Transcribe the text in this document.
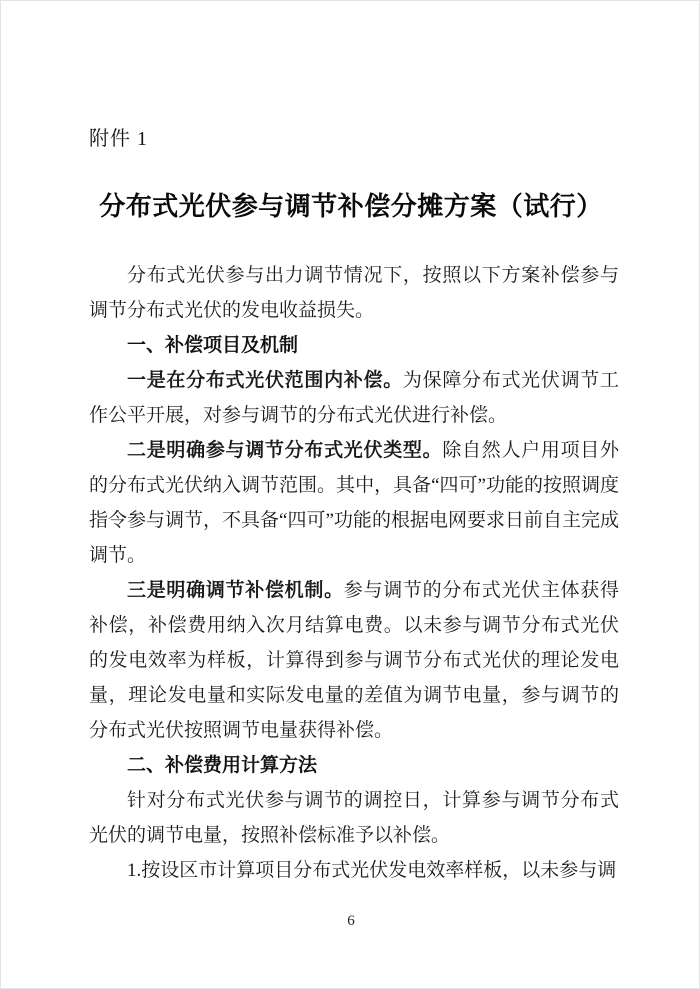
附件 1
分布式光伏参与调节补偿分摊方案（试行）

分布式光伏参与出力调节情况下，按照以下方案补偿参与调节分布式光伏的发电收益损失。

一、补偿项目及机制

一是在分布式光伏范围内补偿。为保障分布式光伏调节工作公平开展，对参与调节的分布式光伏进行补偿。

二是明确参与调节分布式光伏类型。除自然人户用项目外的分布式光伏纳入调节范围。其中，具备“四可”功能的按照调度指令参与调节，不具备“四可”功能的根据电网要求日前自主完成调节。

三是明确调节补偿机制。参与调节的分布式光伏主体获得补偿，补偿费用纳入次月结算电费。以未参与调节分布式光伏的发电效率为样板，计算得到参与调节分布式光伏的理论发电量，理论发电量和实际发电量的差值为调节电量，参与调节的分布式光伏按照调节电量获得补偿。

二、补偿费用计算方法

针对分布式光伏参与调节的调控日，计算参与调节分布式光伏的调节电量，按照补偿标准予以补偿。

1.按设区市计算项目分布式光伏发电效率样板，以未参与调

6
